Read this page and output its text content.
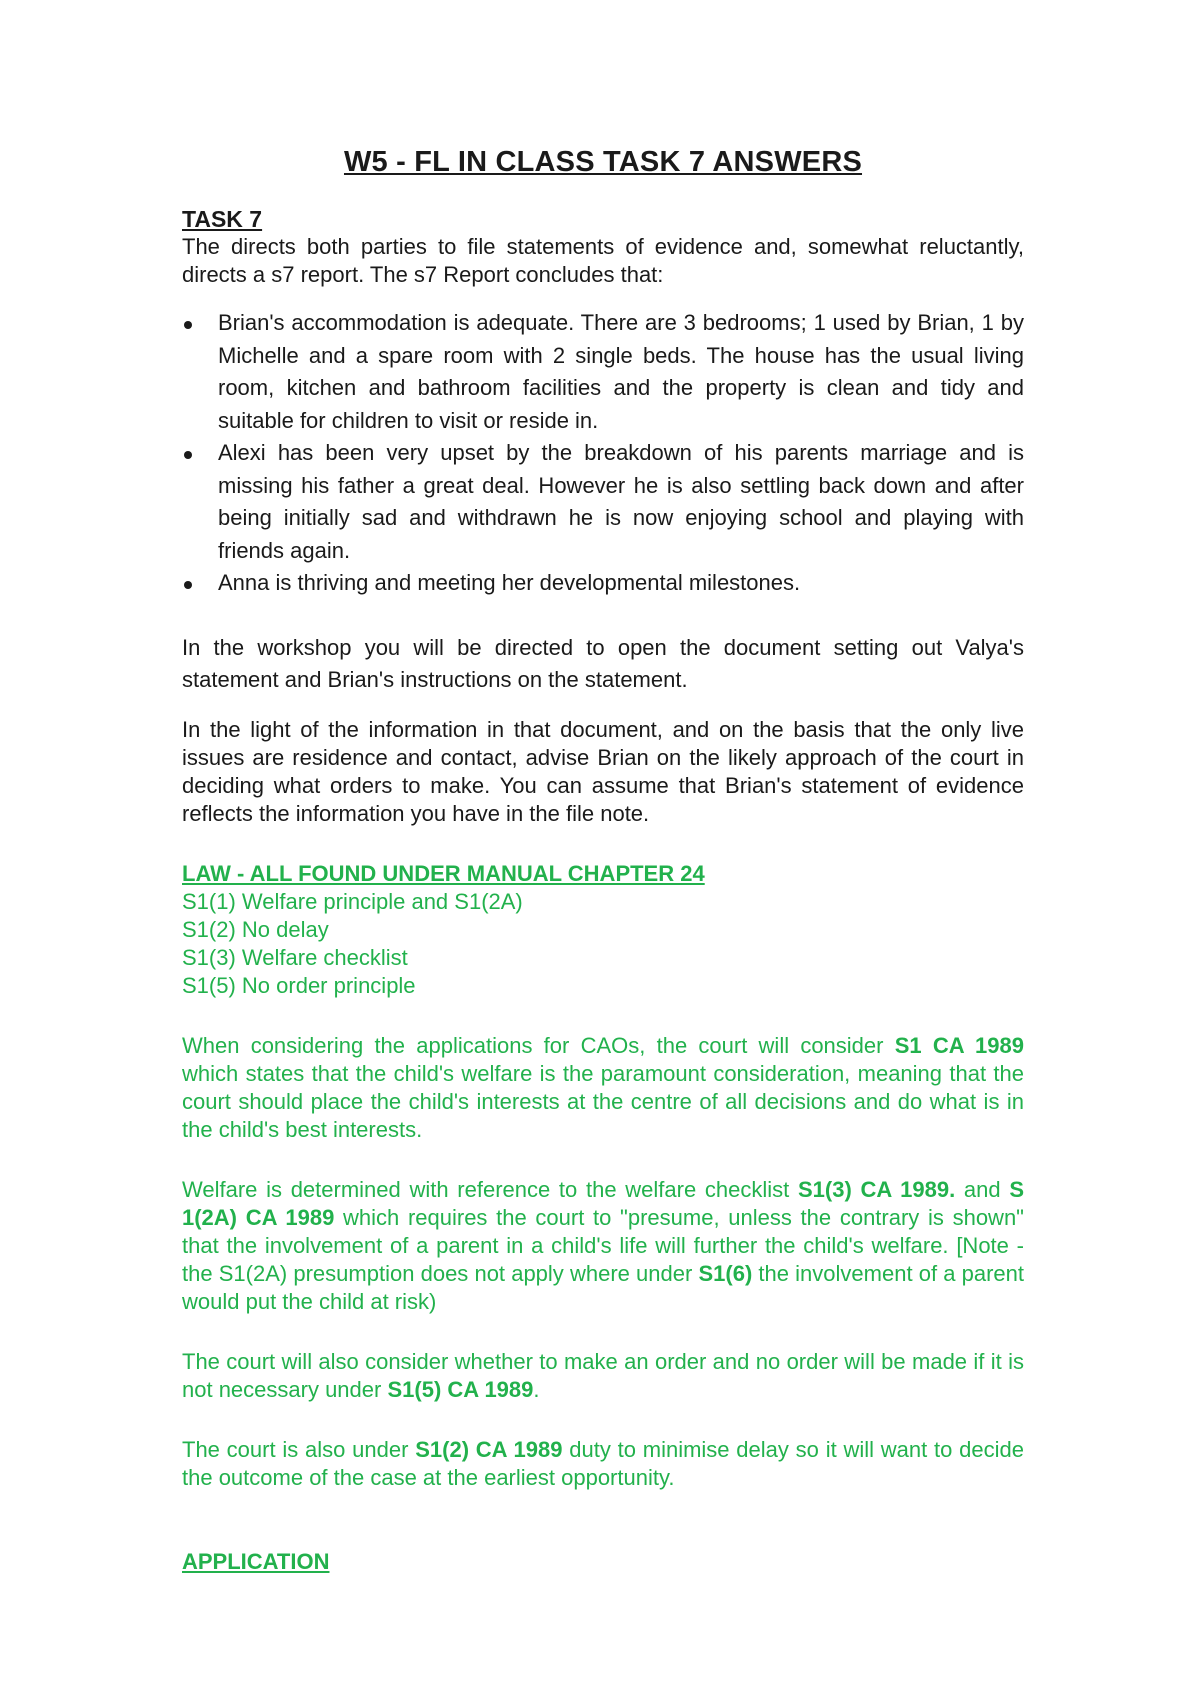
W5 - FL IN CLASS TASK 7 ANSWERS
TASK 7

The directs both parties to file statements of evidence and, somewhat reluctantly, directs a s7 report. The s7 Report concludes that:

Brian's accommodation is adequate. There are 3 bedrooms; 1 used by Brian, 1 by Michelle and a spare room with 2 single beds. The house has the usual living room, kitchen and bathroom facilities and the property is clean and tidy and suitable for children to visit or reside in.
Alexi has been very upset by the breakdown of his parents marriage and is missing his father a great deal. However he is also settling back down and after being initially sad and withdrawn he is now enjoying school and playing with friends again.
Anna is thriving and meeting her developmental milestones.

In the workshop you will be directed to open the document setting out Valya's statement and Brian's instructions on the statement.

In the light of the information in that document, and on the basis that the only live issues are residence and contact, advise Brian on the likely approach of the court in deciding what orders to make. You can assume that Brian's statement of evidence reflects the information you have in the file note.

LAW - ALL FOUND UNDER MANUAL CHAPTER 24

S1(1) Welfare principle and S1(2A)

S1(2) No delay

S1(3) Welfare checklist

S1(5) No order principle

When considering the applications for CAOs, the court will consider S1 CA 1989 which states that the child's welfare is the paramount consideration, meaning that the court should place the child's interests at the centre of all decisions and do what is in the child's best interests.

Welfare is determined with reference to the welfare checklist S1(3) CA 1989. and S 1(2A) CA 1989 which requires the court to "presume, unless the contrary is shown" that the involvement of a parent in a child's life will further the child's welfare. [Note - the S1(2A) presumption does not apply where under S1(6) the involvement of a parent would put the child at risk)

The court will also consider whether to make an order and no order will be made if it is not necessary under S1(5) CA 1989.

The court is also under S1(2) CA 1989 duty to minimise delay so it will want to decide the outcome of the case at the earliest opportunity.

APPLICATION
